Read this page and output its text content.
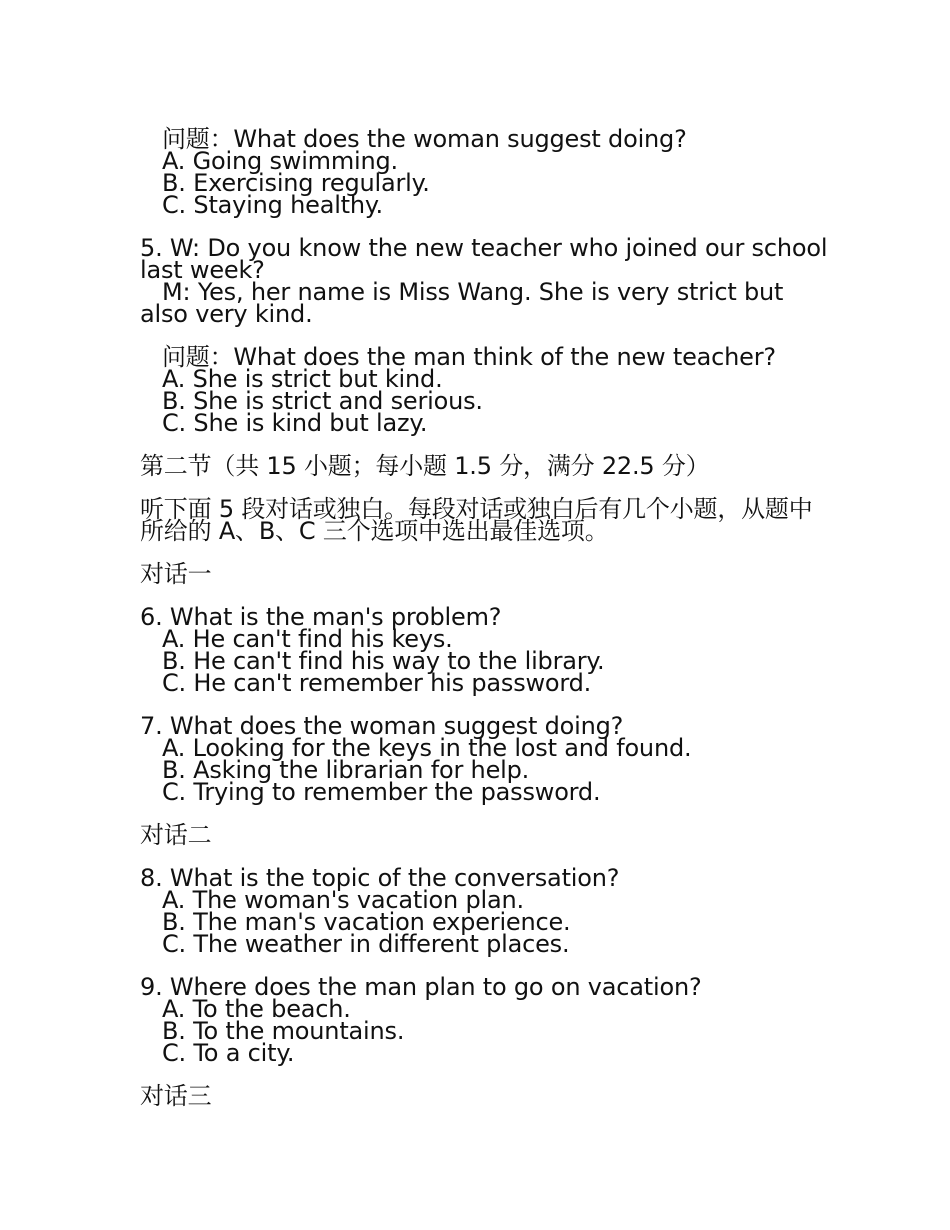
问题：What does the woman suggest doing?

A. Going swimming.

B. Exercising regularly.

C. Staying healthy.

5. W: Do you know the new teacher who joined our school last week?

M: Yes, her name is Miss Wang. She is very strict but also very kind.

问题：What does the man think of the new teacher?

A. She is strict but kind.

B. She is strict and serious.

C. She is kind but lazy.

第二节（共 15 小题；每小题 1.5 分，满分 22.5 分）

听下面 5 段对话或独白。每段对话或独白后有几个小题，从题中所给的 A、B、C 三个选项中选出最佳选项。

对话一

6. What is the man's problem?

A. He can't find his keys.

B. He can't find his way to the library.

C. He can't remember his password.

7. What does the woman suggest doing?

A. Looking for the keys in the lost and found.

B. Asking the librarian for help.

C. Trying to remember the password.

对话二

8. What is the topic of the conversation?

A. The woman's vacation plan.

B. The man's vacation experience.

C. The weather in different places.

9. Where does the man plan to go on vacation?

A. To the beach.

B. To the mountains.

C. To a city.

对话三
